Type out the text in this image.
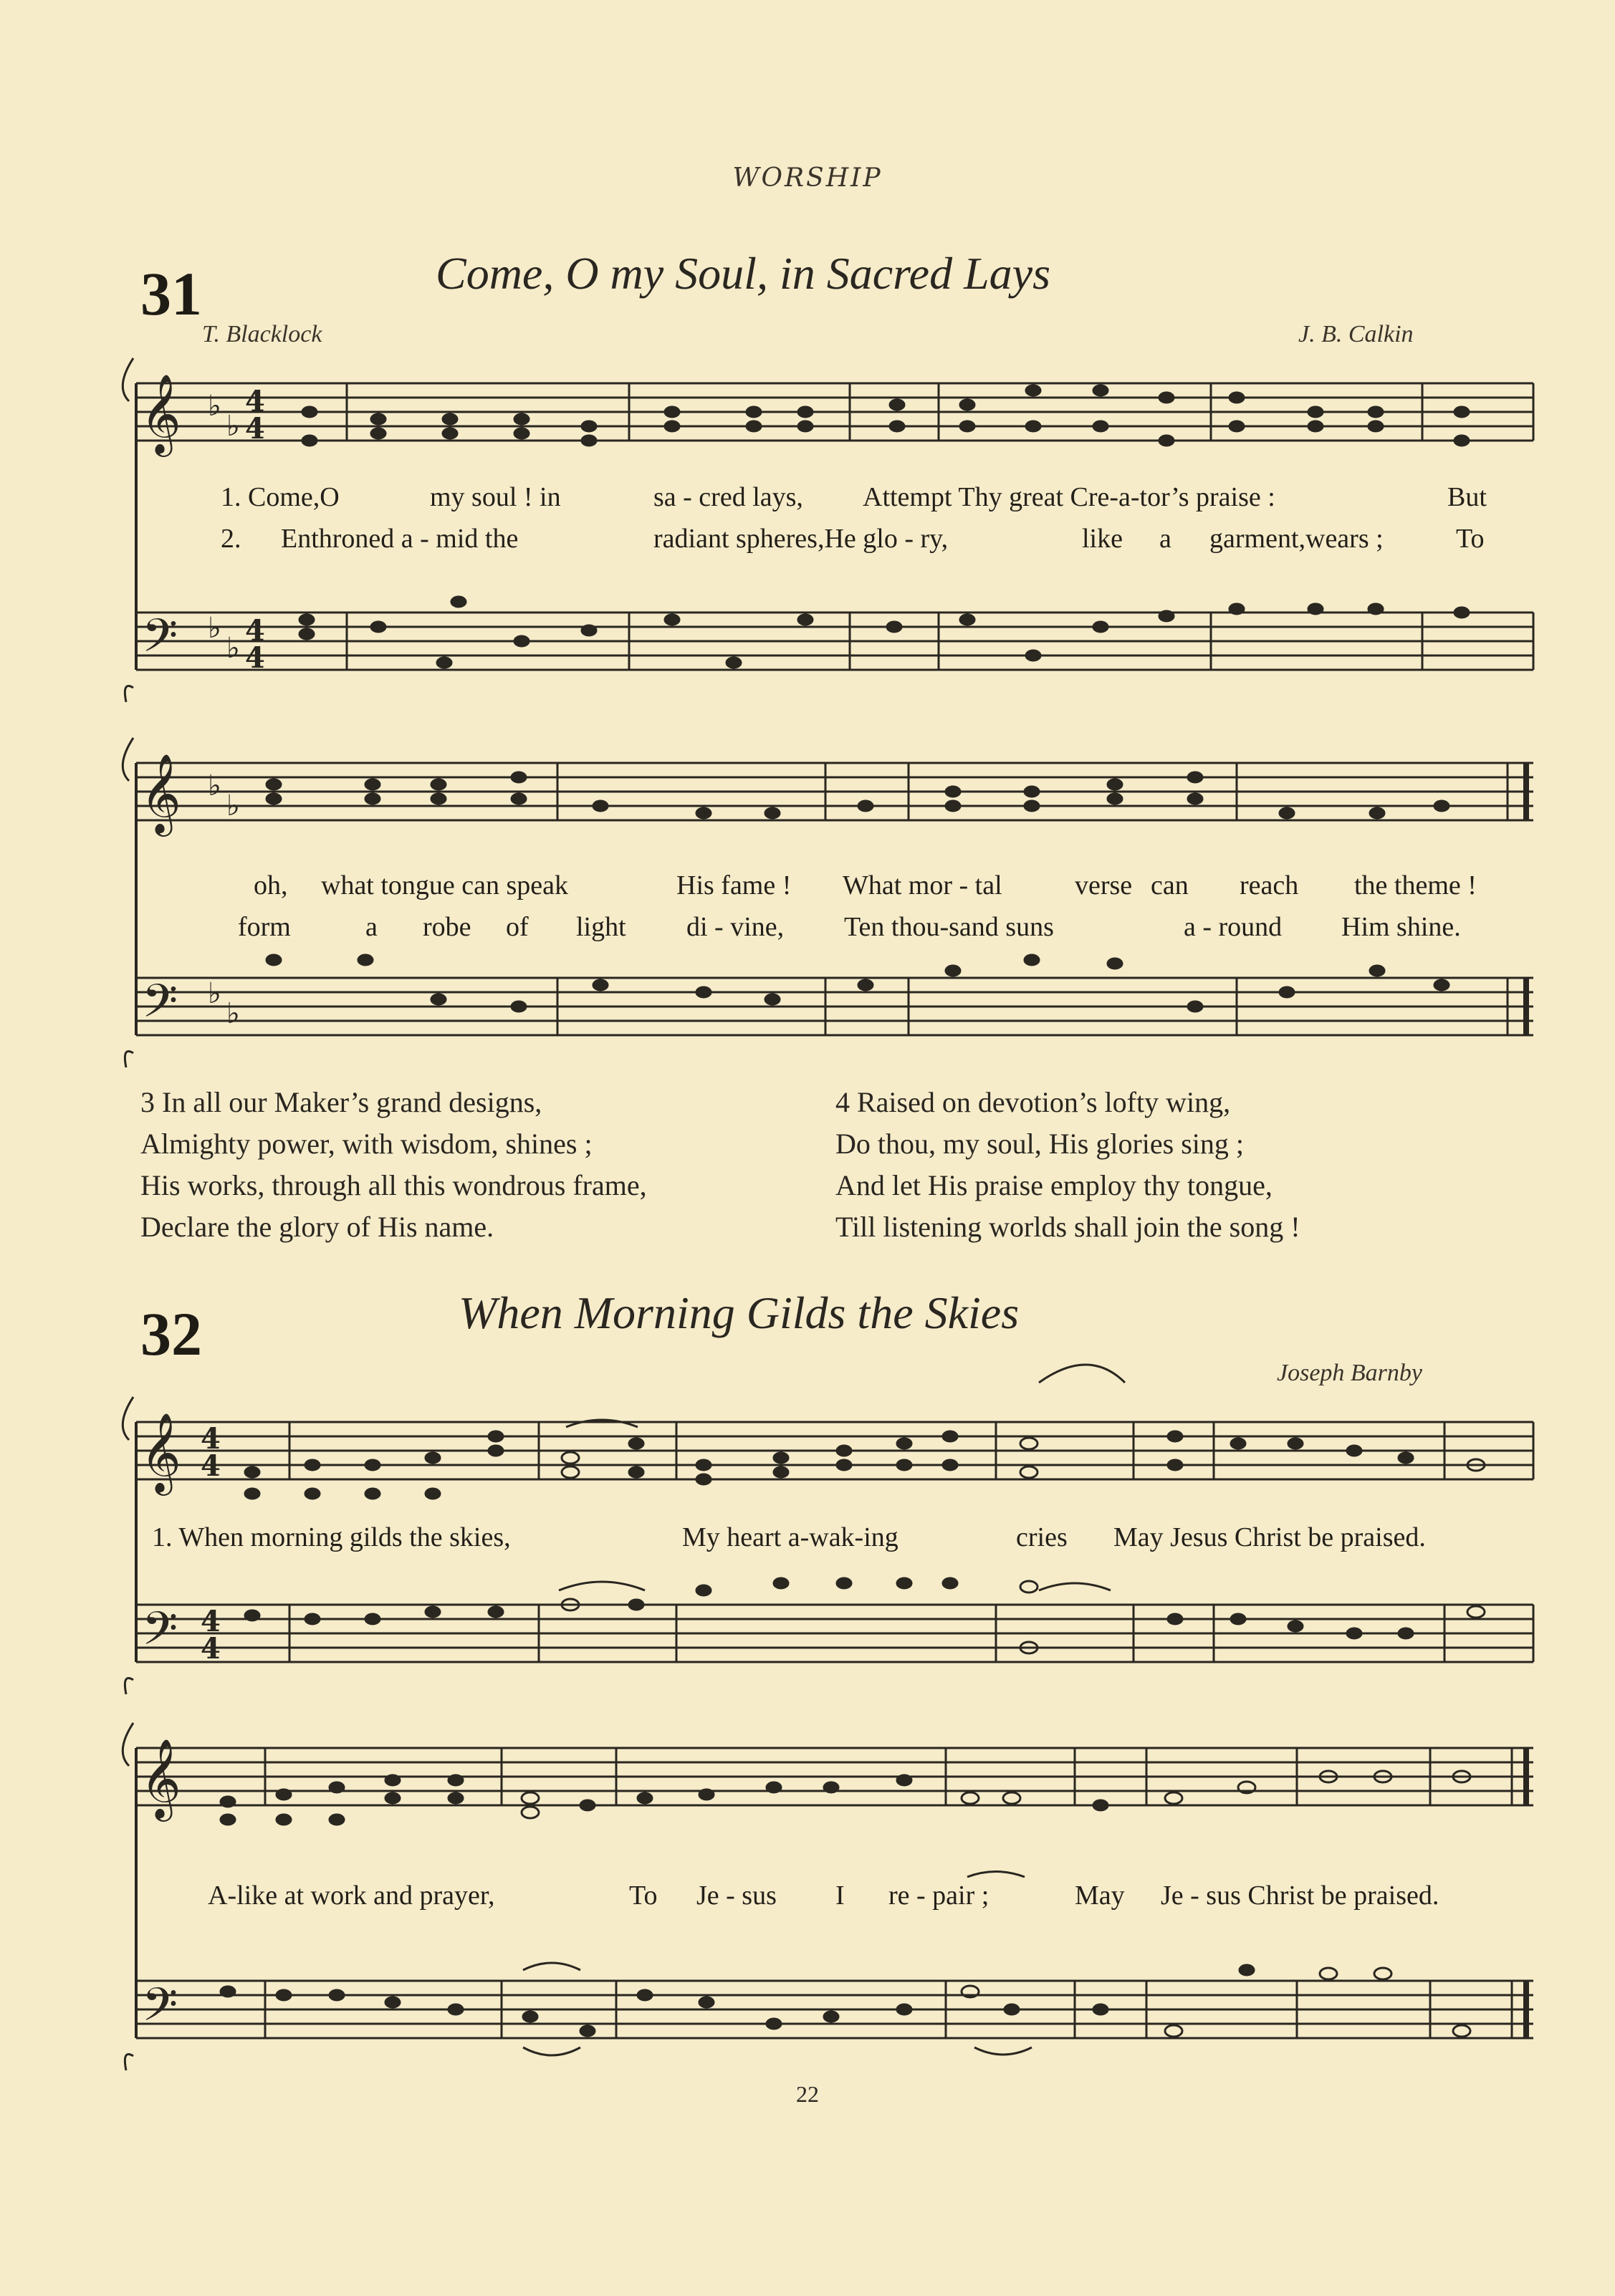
WORSHIP
31	Come, O my Soul, in Sacred Lays
T. Blacklock	J. B. Calkin
𝄞
𝄢
♭
♭
♭
♭
4
4
4
4
1. Come,O	my soul ! in	sa - cred lays, Attempt Thy great Cre-a-tor’s praise :	But
2. Enthroned a - mid the	radiant spheres,He glo - ry,	like a garment,wears ;	To
𝄞
𝄢
♭
♭
♭
♭
oh, what tongue can speak	His fame ! What mor - tal	verse can reach the theme !
form	a robe of light di - vine, Ten thou-sand suns	a - round Him shine.
3 In all our Maker’s grand designs,
Almighty power, with wisdom, shines ;
His works, through all this wondrous frame,
Declare the glory of His name.
4 Raised on devotion’s lofty wing,
Do thou, my soul, His glories sing ;
And let His praise employ thy tongue,
Till listening worlds shall join the song !
32	When Morning Gilds the Skies
Joseph Barnby
𝄞
𝄢
4
4
4
4
1. When morning gilds the skies,	My heart a-wak-ing	cries May Jesus Christ be praised.
𝄞
𝄢
A-like at work and prayer,	To Je - sus I re - pair ;	May Je - sus Christ be praised.
22
